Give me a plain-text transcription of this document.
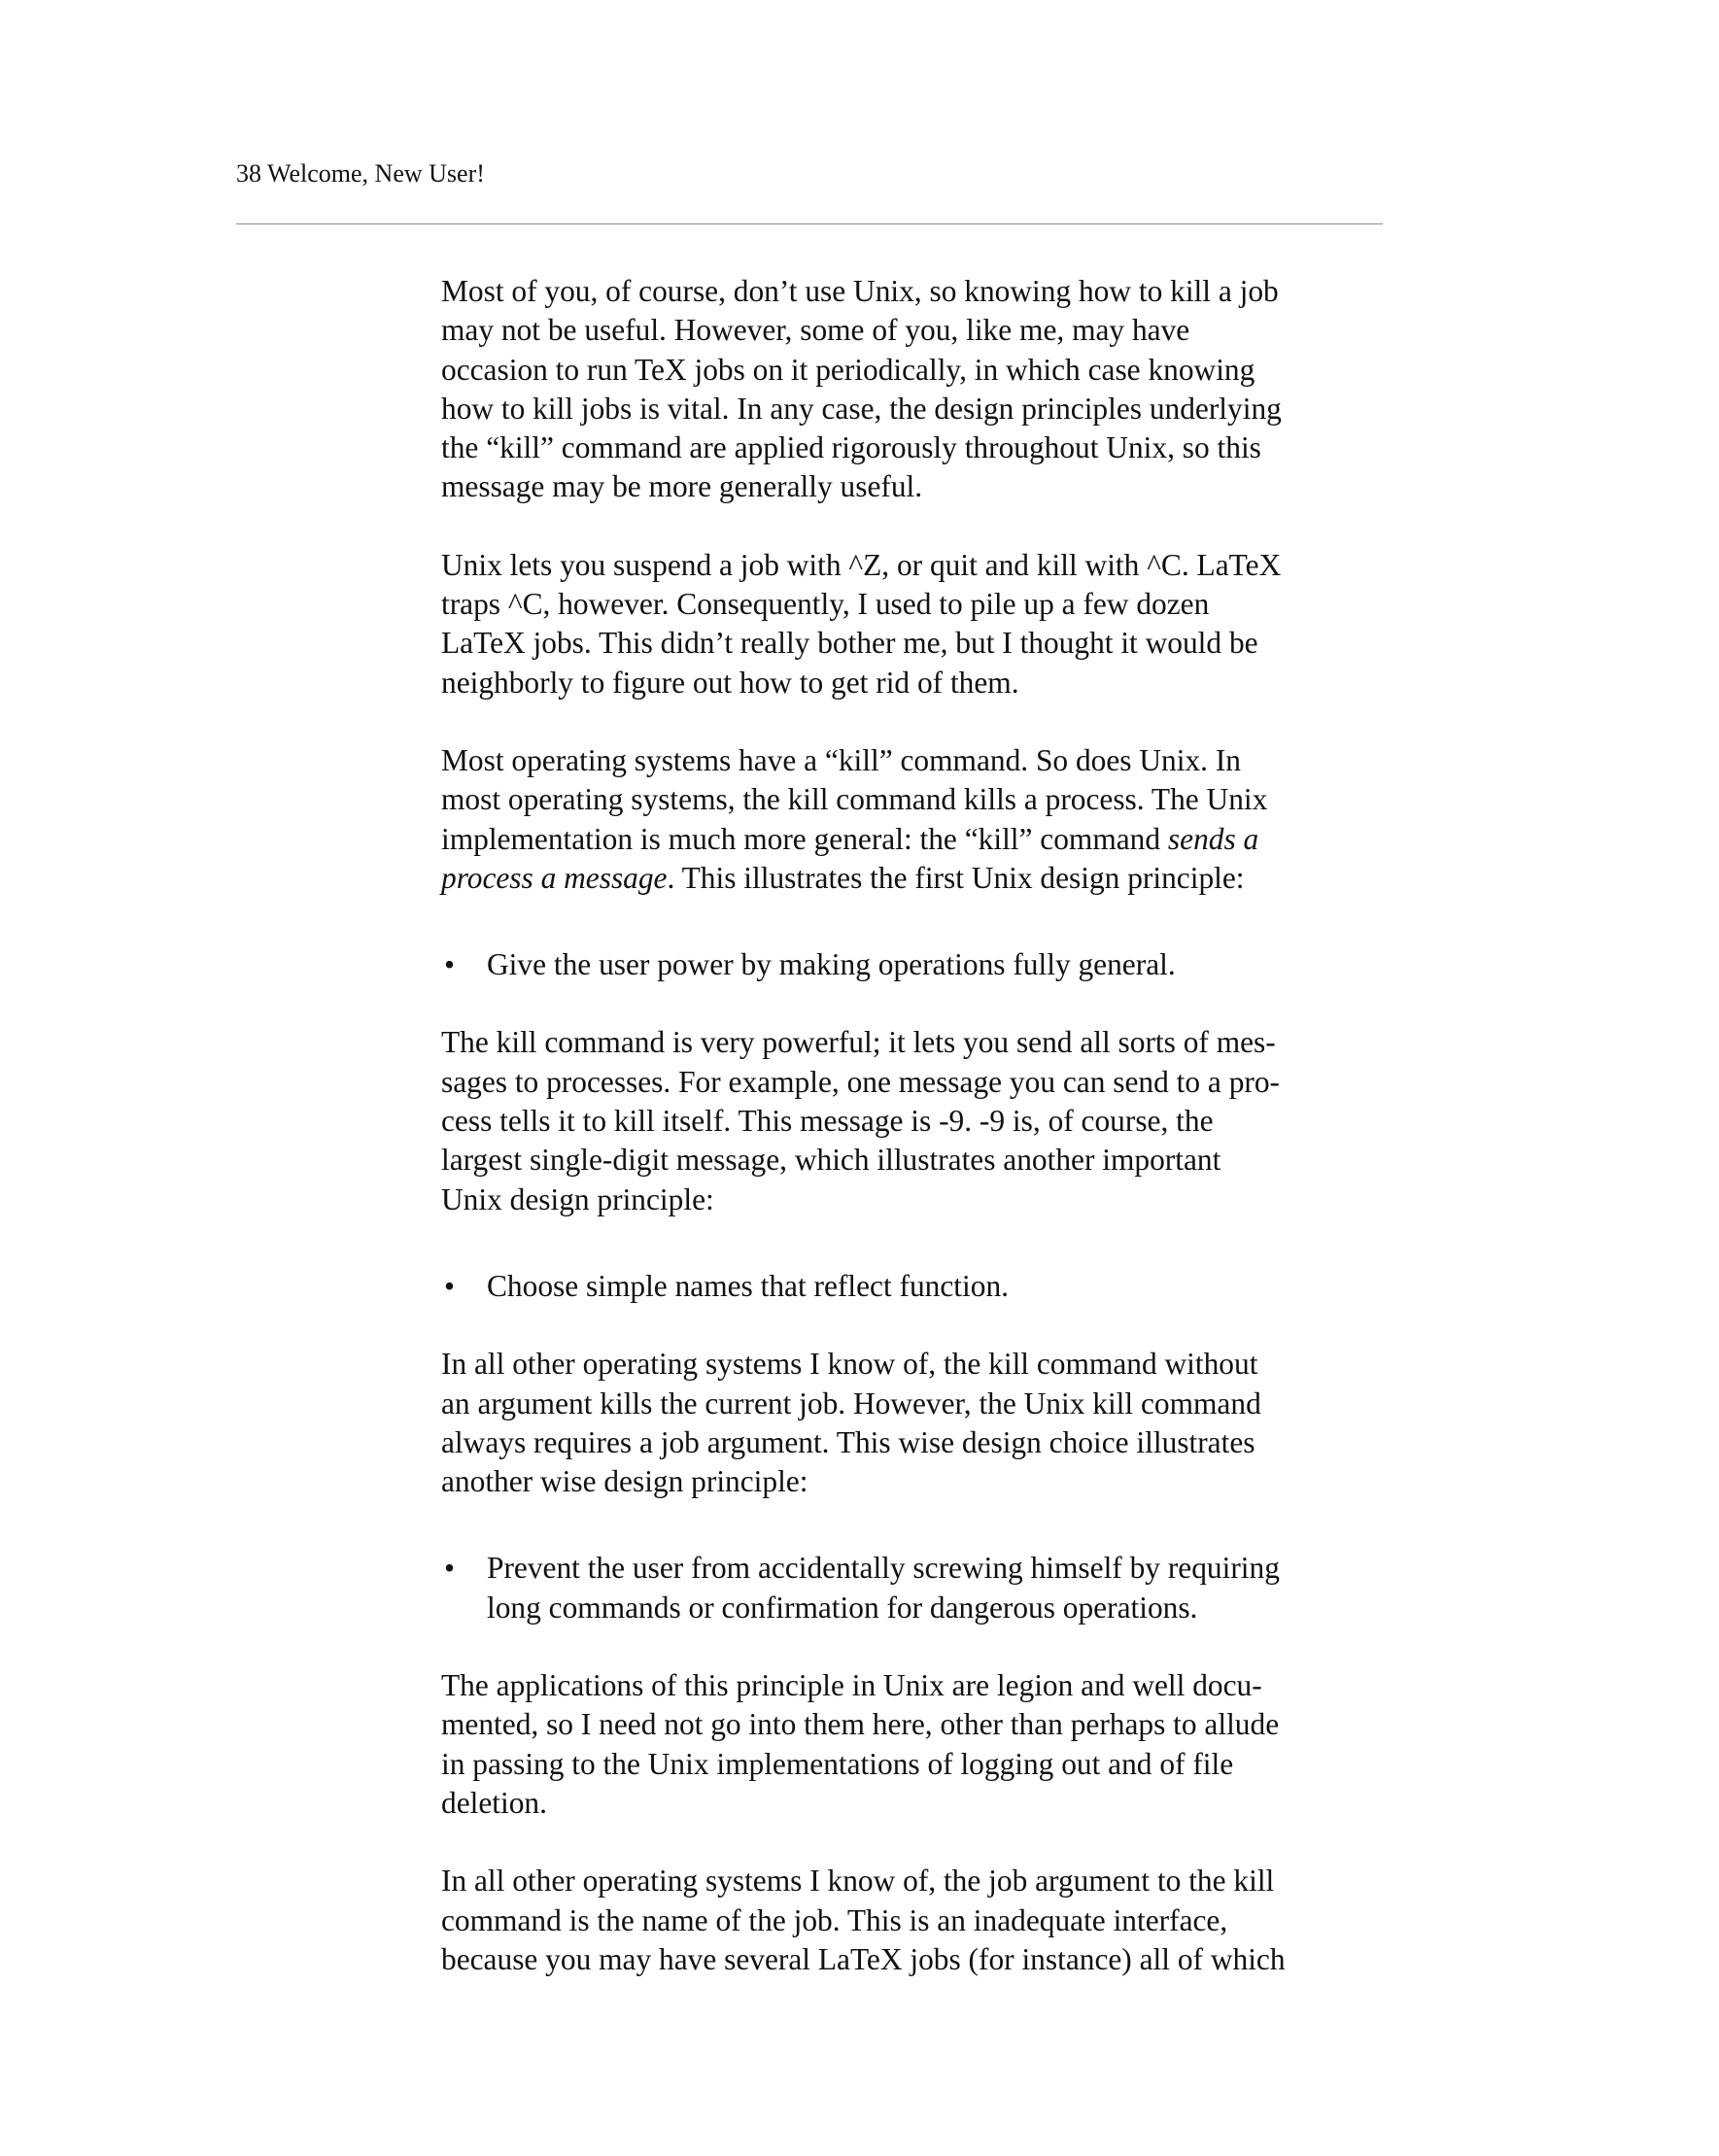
38 Welcome, New User!

Most of you, of course, don’t use Unix, so knowing how to kill a job
may not be useful. However, some of you, like me, may have
occasion to run TeX jobs on it periodically, in which case knowing
how to kill jobs is vital. In any case, the design principles underlying
the “kill” command are applied rigorously throughout Unix, so this
message may be more generally useful.

Unix lets you suspend a job with ^Z, or quit and kill with ^C. LaTeX
traps ^C, however. Consequently, I used to pile up a few dozen
LaTeX jobs. This didn’t really bother me, but I thought it would be
neighborly to figure out how to get rid of them.

Most operating systems have a “kill” command. So does Unix. In
most operating systems, the kill command kills a process. The Unix
implementation is much more general: the “kill” command sends a
process a message. This illustrates the first Unix design principle:

• Give the user power by making operations fully general.

The kill command is very powerful; it lets you send all sorts of mes-
sages to processes. For example, one message you can send to a pro-
cess tells it to kill itself. This message is -9. -9 is, of course, the
largest single-digit message, which illustrates another important
Unix design principle:

• Choose simple names that reflect function.

In all other operating systems I know of, the kill command without
an argument kills the current job. However, the Unix kill command
always requires a job argument. This wise design choice illustrates
another wise design principle:

• Prevent the user from accidentally screwing himself by requiring
long commands or confirmation for dangerous operations.

The applications of this principle in Unix are legion and well docu-
mented, so I need not go into them here, other than perhaps to allude
in passing to the Unix implementations of logging out and of file
deletion.

In all other operating systems I know of, the job argument to the kill
command is the name of the job. This is an inadequate interface,
because you may have several LaTeX jobs (for instance) all of which
